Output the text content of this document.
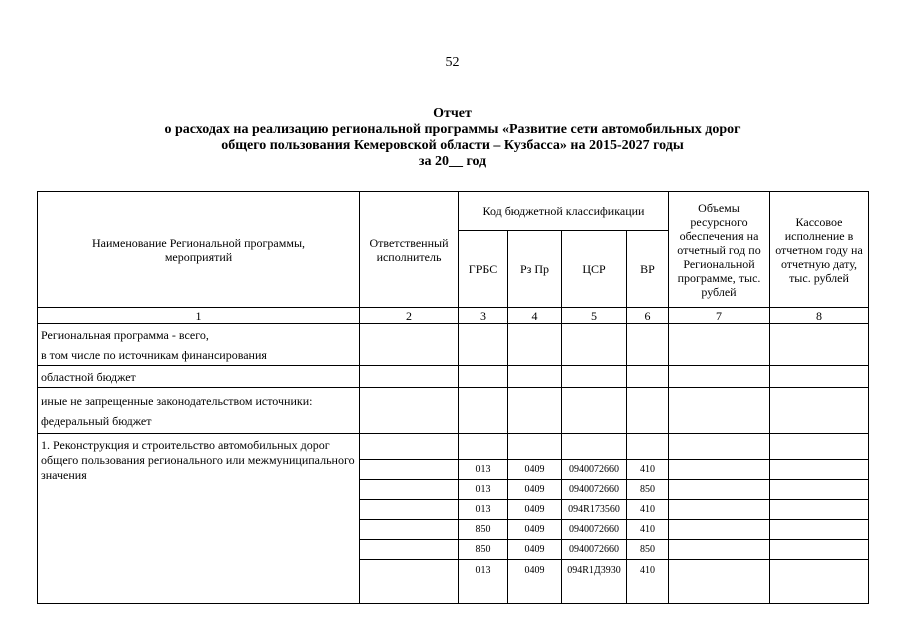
52
Отчет
о расходах на реализацию региональной программы «Развитие сети автомобильных дорог
общего пользования Кемеровской области – Кузбасса» на 2015-2027 годы
за 20__ год
Наименование Региональной программы, мероприятий	Ответственный исполнитель	Код бюджетной классификации				Объемы ресурсного обеспечения на отчетный год по Региональной программе, тыс. рублей	Кассовое исполнение в отчетном году на отчетную дату, тыс. рублей
		ГРБС	Рз Пр	ЦСР	ВР		
1	2	3	4	5	6	7	8

Региональная программа - всего,
в том числе по источникам финансирования							

областной бюджет							

иные не запрещенные законодательством источники:
федеральный бюджет							

1. Реконструкция и строительство автомобильных дорог общего пользования регионального или межмуниципального значения							
		013	0409	0940072660	410		
		013	0409	0940072660	850		
		013	0409	094R173560	410		
		850	0409	0940072660	410		
		850	0409	0940072660	850		
		013	0409	094R1Д3930	410		
